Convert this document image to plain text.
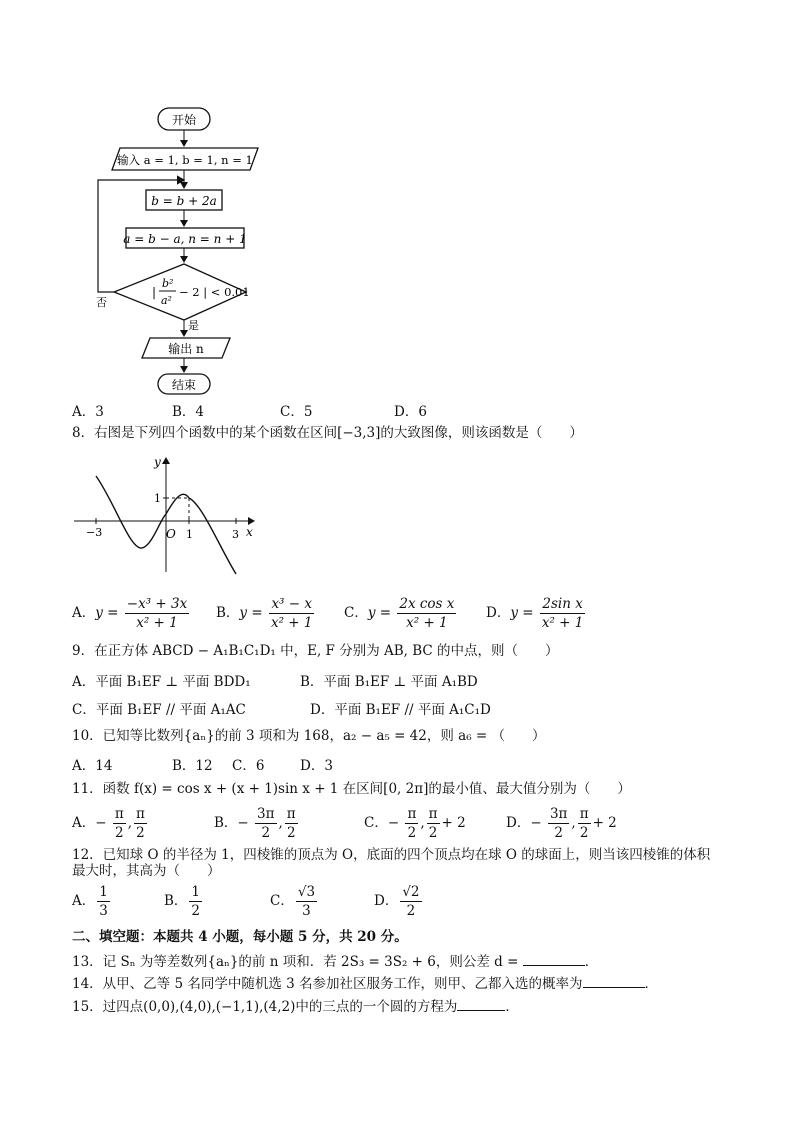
开始
输入 a = 1, b = 1, n = 1
b = b + 2a
a = b − a, n = n + 1
|
b²
a²
− 2 | < 0.01
否
是
输出 n
结束
A．3	B．4	C．5	D．6
8．右图是下列四个函数中的某个函数在区间[−3,3]的大致图像，则该函数是（　　）
y
x
O
−3	1	3
1
A．$y = \frac{\text{−x³ + 3x}}{\text{x² + 1}}$ B．$y = \frac{\text{x³ − x}}{\text{x² + 1}}$ C．$y = \frac{\text{2x cos x}}{\text{x² + 1}}$ D．$y = \frac{\text{2sin x}}{\text{x² + 1}}$
9．在正方体 ABCD − A₁B₁C₁D₁ 中，E, F 分别为 AB, BC 的中点，则（　　）
A．平面 B₁EF ⊥ 平面 BDD₁	B．平面 B₁EF ⊥ 平面 A₁BD
C．平面 B₁EF // 平面 A₁AC	D．平面 B₁EF // 平面 A₁C₁D
10．已知等比数列{aₙ}的前 3 项和为 168，a₂ − a₅ = 42，则 a₆ = （　　）
A．14	B．12 C．6	D．3
11．函数 f(x) = cos x + (x + 1)sin x + 1 在区间[0, 2π]的最小值、最大值分别为（　　）
A．− $\frac{\pi}{2}$ , $\frac{\pi}{2}$	B．− $\frac{3\pi}{2}$ , $\frac{\pi}{2}$	C．− $\frac{\pi}{2}$ , $\frac{\pi}{2} + 2$	D．− $\frac{3\pi}{2}$ , $\frac{\pi}{2} + 2$
12．已知球 O 的半径为 1，四棱锥的顶点为 O，底面的四个顶点均在球 O 的球面上，则当该四棱锥的体积
最大时，其高为（　　）
A． $\frac{1}{3}$	B． $\frac{1}{2}$	C． $\frac{√3}{3}$	D． $\frac{√2}{2}$
二、填空题：本题共 4 小题，每小题 5 分，共 20 分。
13．记 Sₙ 为等差数列{aₙ}的前 n 项和．若 2S₃ = 3S₂ + 6，则公差 d =	．
14．从甲、乙等 5 名同学中随机选 3 名参加社区服务工作，则甲、乙都入选的概率为	．
15．过四点(0,0),(4,0),(−1,1),(4,2)中的三点的一个圆的方程为	．
